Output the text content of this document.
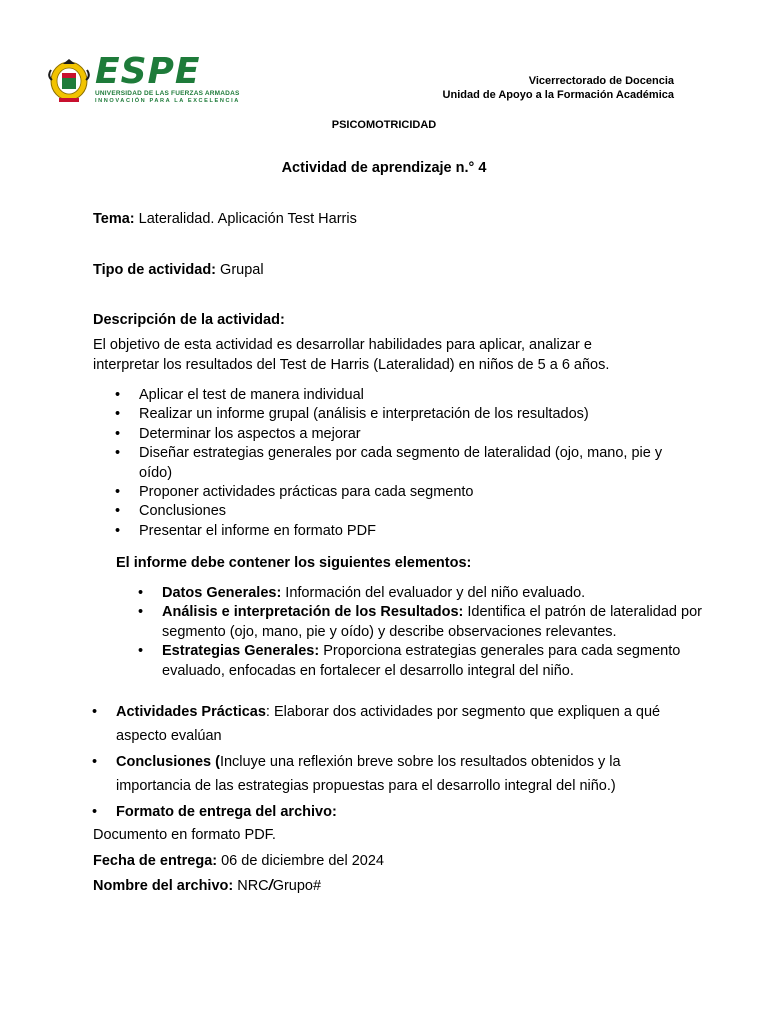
ESPE
UNIVERSIDAD DE LAS FUERZAS ARMADAS
INNOVACIÓN PARA LA EXCELENCIA
Vicerrectorado de Docencia
Unidad de Apoyo a la Formación Académica
PSICOMOTRICIDAD
Actividad de aprendizaje n.° 4
Tema: Lateralidad. Aplicación Test Harris
Tipo de actividad: Grupal
Descripción de la actividad:
El objetivo de esta actividad es desarrollar habilidades para aplicar, analizar e
interpretar los resultados del Test de Harris (Lateralidad) en niños de 5 a 6 años.
• Aplicar el test de manera individual
• Realizar un informe grupal (análisis e interpretación de los resultados)
• Determinar los aspectos a mejorar
• Diseñar estrategias generales por cada segmento de lateralidad (ojo, mano, pie y oído)
• Proponer actividades prácticas para cada segmento
• Conclusiones
• Presentar el informe en formato PDF
El informe debe contener los siguientes elementos:
• Datos Generales: Información del evaluador y del niño evaluado.
• Análisis e interpretación de los Resultados: Identifica el patrón de lateralidad por segmento (ojo, mano, pie y oído) y describe observaciones relevantes.
• Estrategias Generales: Proporciona estrategias generales para cada segmento evaluado, enfocadas en fortalecer el desarrollo integral del niño.
• Actividades Prácticas: Elaborar dos actividades por segmento que expliquen a qué aspecto evalúan
• Conclusiones (Incluye una reflexión breve sobre los resultados obtenidos y la importancia de las estrategias propuestas para el desarrollo integral del niño.)
• Formato de entrega del archivo:
Documento en formato PDF.
Fecha de entrega: 06 de diciembre del 2024
Nombre del archivo: NRC/Grupo#
